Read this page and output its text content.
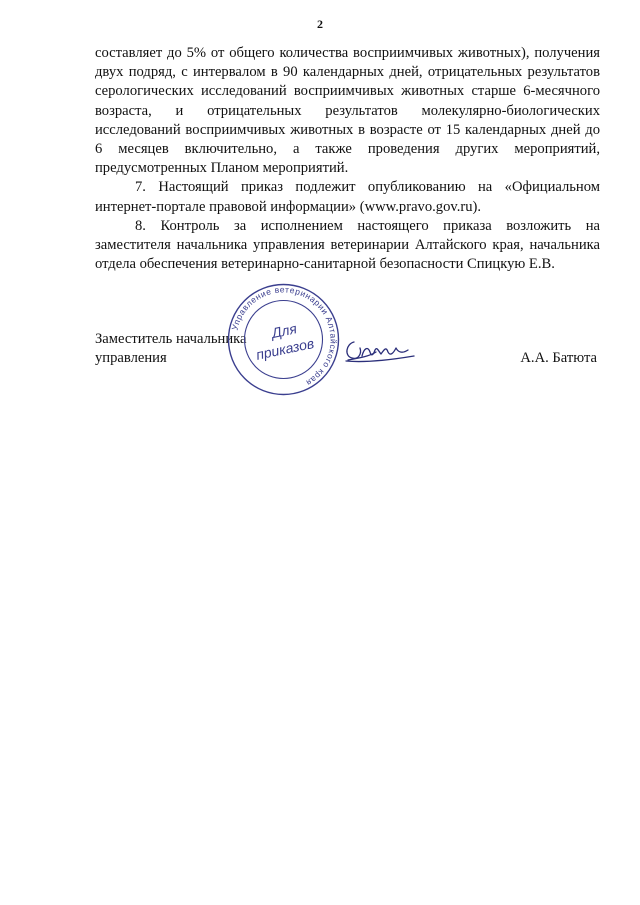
2

составляет до 5% от общего количества восприимчивых животных), получения двух подряд, с интервалом в 90 календарных дней, отрицательных результатов серологических исследований восприимчивых животных старше 6-месячного возраста, и отрицательных результатов молекулярно-биологических исследований восприимчивых животных в возрасте от 15 календарных дней до 6 месяцев включительно, а также проведения других мероприятий, предусмотренных Планом мероприятий.

7. Настоящий приказ подлежит опубликованию на «Официальном интернет-портале правовой информации» (www.pravo.gov.ru).

8. Контроль за исполнением настоящего приказа возложить на заместителя начальника управления ветеринарии Алтайского края, начальника отдела обеспечения ветеринарно-санитарной безопасности Спицкую Е.В.

Заместитель начальника
управления	А.А. Батюта
Управление ветеринарии Алтайского края
Для
приказов
